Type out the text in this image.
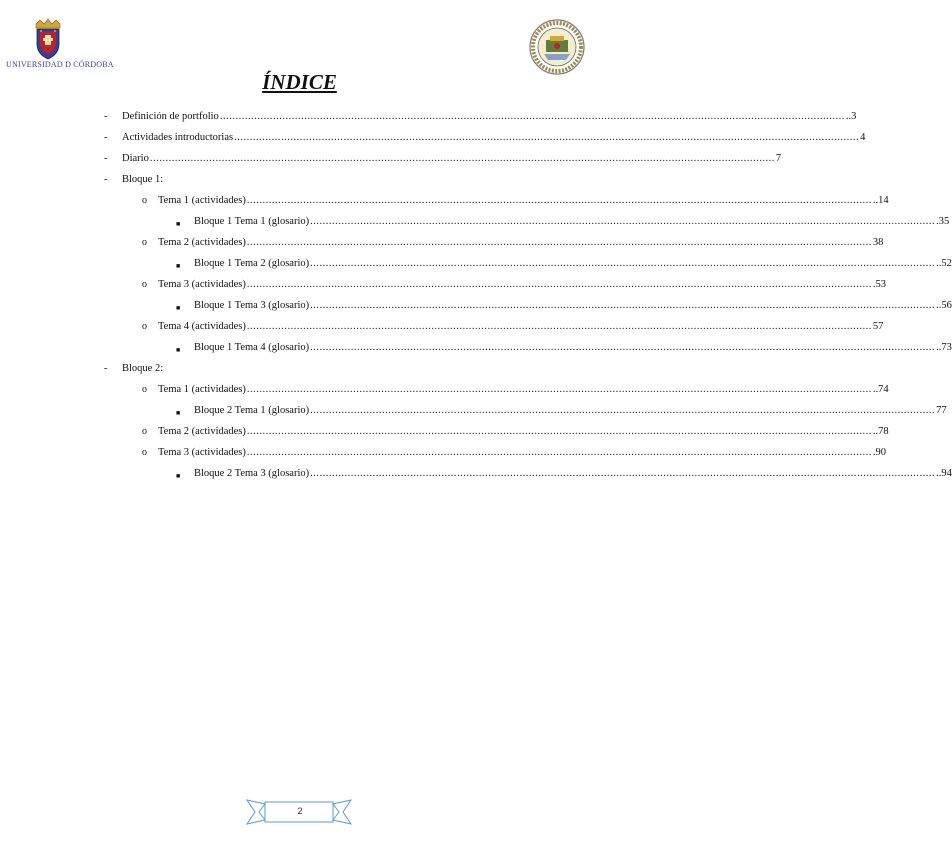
UNIVERSIDAD D CÓRDOBA
ÍNDICE
- Definición de portfolio ........................................................................................................................................................................................................ ..3
- Actividades introductorias ........................................................................................................................................................................................................ 4
- Diario ........................................................................................................................................................................................................ 7
- Bloque 1:
o Tema 1 (actividades) ........................................................................................................................................................................................................ ..14
■ Bloque 1 Tema 1 (glosario) ........................................................................................................................................................................................................ .35
o Tema 2 (actividades) ........................................................................................................................................................................................................ 38
■ Bloque 1 Tema 2 (glosario) ........................................................................................................................................................................................................ ..52
o Tema 3 (actividades) ........................................................................................................................................................................................................ .53
■ Bloque 1 Tema 3 (glosario) ........................................................................................................................................................................................................ ..56
o Tema 4 (actividades) ........................................................................................................................................................................................................ 57
■ Bloque 1 Tema 4 (glosario) ........................................................................................................................................................................................................ ..73
- Bloque 2:
o Tema 1 (actividades) ........................................................................................................................................................................................................ ..74
■ Bloque 2 Tema 1 (glosario) ........................................................................................................................................................................................................ 77
o Tema 2 (actividades) ........................................................................................................................................................................................................ ..78
o Tema 3 (actividades) ........................................................................................................................................................................................................ .90
■ Bloque 2 Tema 3 (glosario) ........................................................................................................................................................................................................ ..94
2
